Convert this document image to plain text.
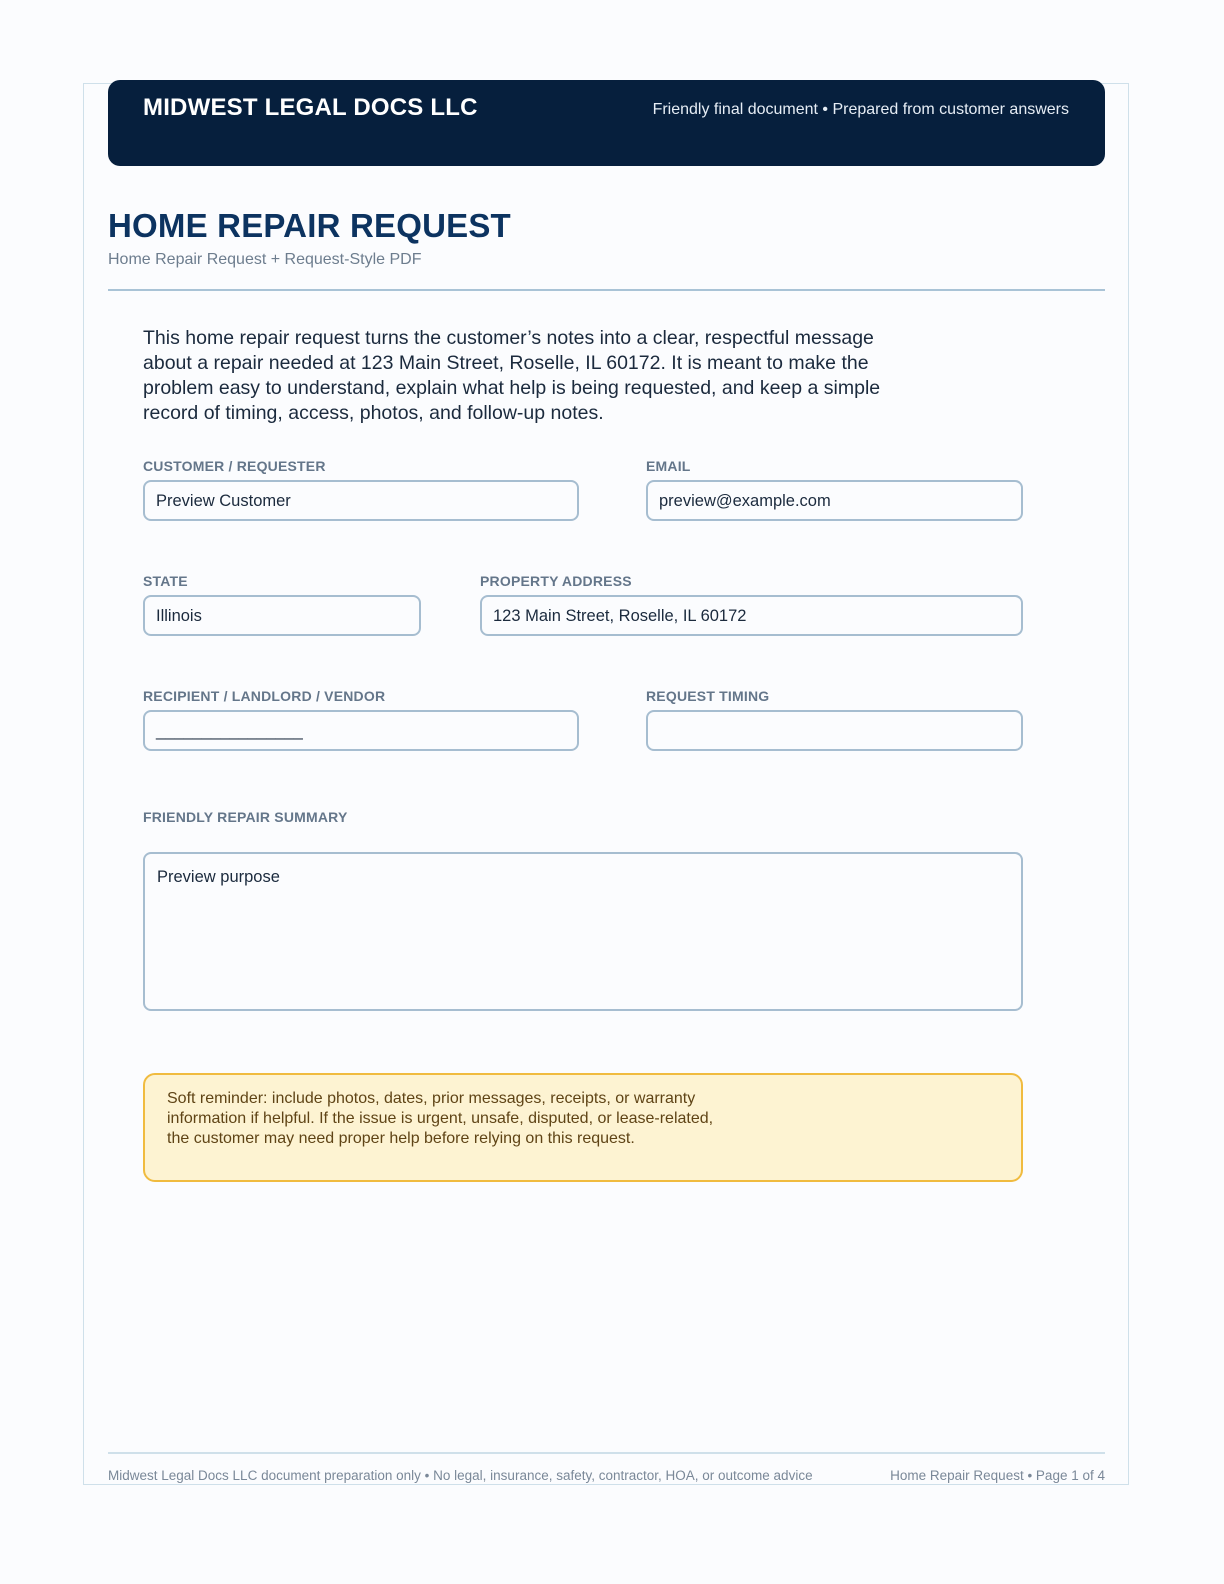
MIDWEST LEGAL DOCS LLC	Friendly final document • Prepared from customer answers
HOME REPAIR REQUEST
Home Repair Request + Request-Style PDF

This home repair request turns the customer’s notes into a clear, respectful message about a repair needed at 123 Main Street, Roselle, IL 60172. It is meant to make the problem easy to understand, explain what help is being requested, and keep a simple record of timing, access, photos, and follow-up notes.

CUSTOMER / REQUESTER
Preview Customer
EMAIL
preview@example.com
STATE
Illinois
PROPERTY ADDRESS
123 Main Street, Roselle, IL 60172
RECIPIENT / LANDLORD / VENDOR
________________
REQUEST TIMING
FRIENDLY REPAIR SUMMARY
Preview purpose
Soft reminder: include photos, dates, prior messages, receipts, or warranty information if helpful. If the issue is urgent, unsafe, disputed, or lease-related, the customer may need proper help before relying on this request.
Midwest Legal Docs LLC document preparation only • No legal, insurance, safety, contractor, HOA, or outcome advice	Home Repair Request • Page 1 of 4
